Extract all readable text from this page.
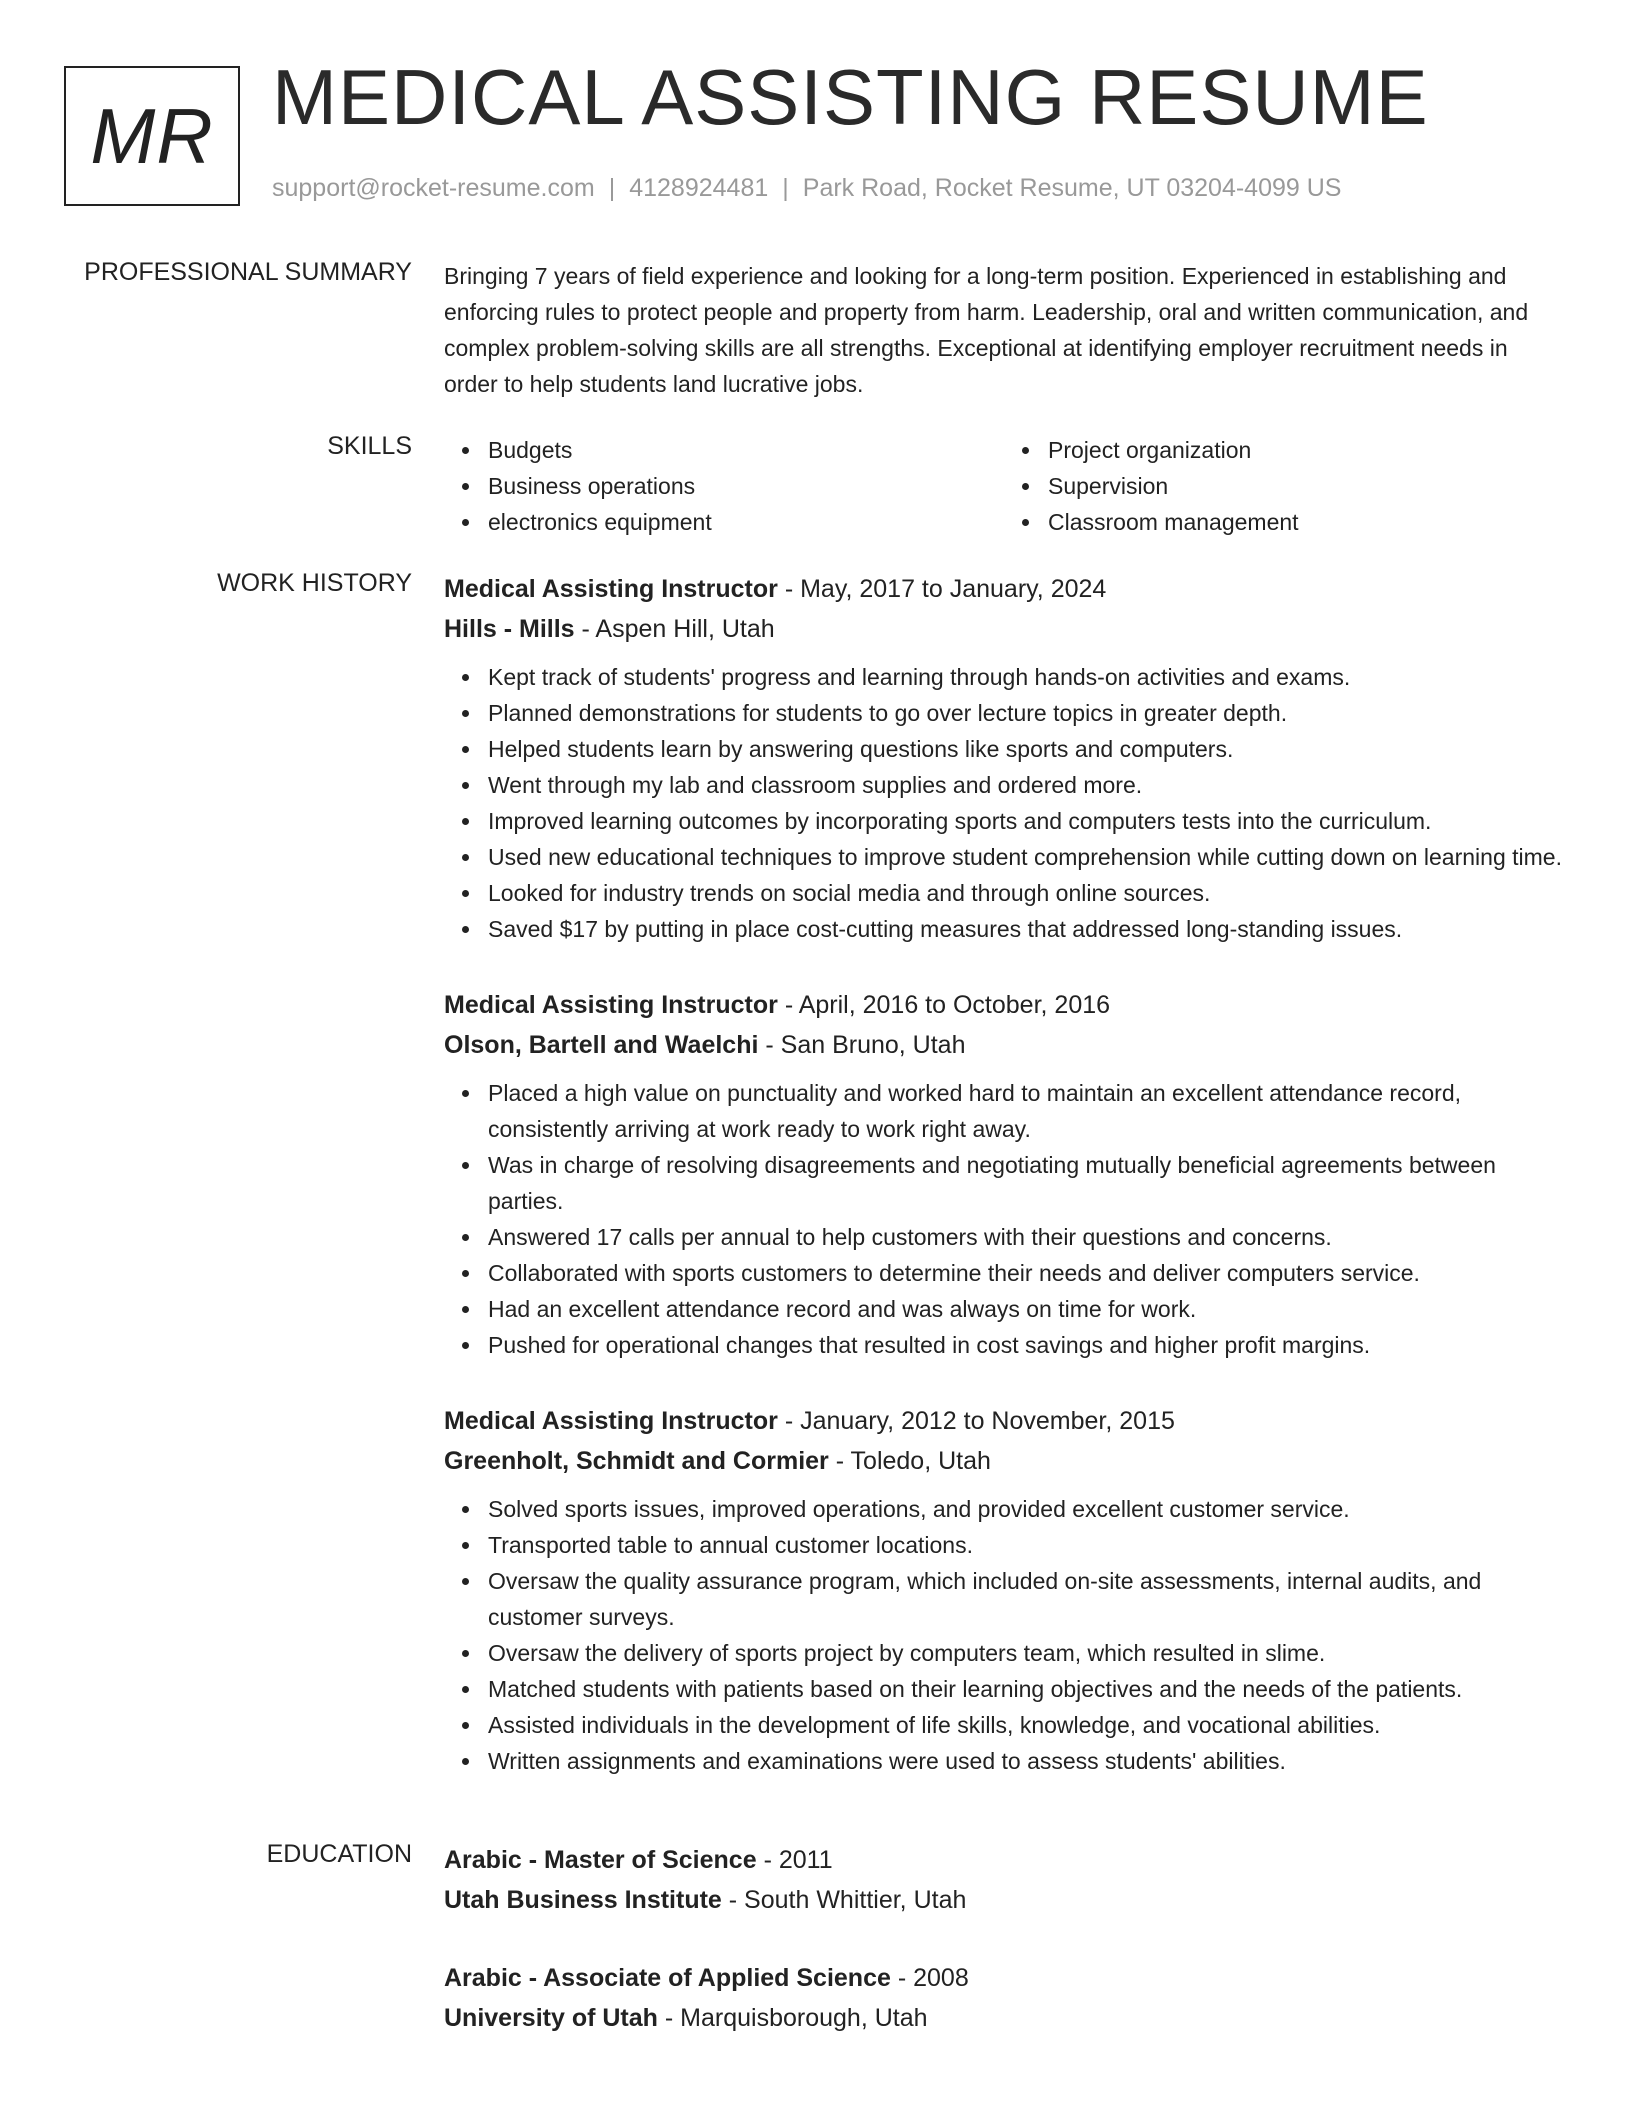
MR MEDICAL ASSISTING RESUME
support@rocket-resume.com | 4128924481 | Park Road, Rocket Resume, UT 03204-4099 US
PROFESSIONAL SUMMARY Bringing 7 years of field experience and looking for a long-term position. Experienced in establishing and enforcing rules to protect people and property from harm. Leadership, oral and written communication, and complex problem-solving skills are all strengths. Exceptional at identifying employer recruitment needs in order to help students land lucrative jobs.

SKILLS	Budgets
Business operations
electronics equipment
Project organization
Supervision
Classroom management
WORK HISTORY Medical Assisting Instructor - May, 2017 to January, 2024
Hills - Mills - Aspen Hill, Utah
Kept track of students' progress and learning through hands-on activities and exams.
Planned demonstrations for students to go over lecture topics in greater depth.
Helped students learn by answering questions like sports and computers.
Went through my lab and classroom supplies and ordered more.
Improved learning outcomes by incorporating sports and computers tests into the curriculum.
Used new educational techniques to improve student comprehension while cutting down on learning time.
Looked for industry trends on social media and through online sources.
Saved $17 by putting in place cost-cutting measures that addressed long-standing issues.
Medical Assisting Instructor - April, 2016 to October, 2016
Olson, Bartell and Waelchi - San Bruno, Utah
Placed a high value on punctuality and worked hard to maintain an excellent attendance record, consistently arriving at work ready to work right away.
Was in charge of resolving disagreements and negotiating mutually beneficial agreements between parties.
Answered 17 calls per annual to help customers with their questions and concerns.
Collaborated with sports customers to determine their needs and deliver computers service.
Had an excellent attendance record and was always on time for work.
Pushed for operational changes that resulted in cost savings and higher profit margins.
Medical Assisting Instructor - January, 2012 to November, 2015
Greenholt, Schmidt and Cormier - Toledo, Utah
Solved sports issues, improved operations, and provided excellent customer service.
Transported table to annual customer locations.
Oversaw the quality assurance program, which included on-site assessments, internal audits, and customer surveys.
Oversaw the delivery of sports project by computers team, which resulted in slime.
Matched students with patients based on their learning objectives and the needs of the patients.
Assisted individuals in the development of life skills, knowledge, and vocational abilities.
Written assignments and examinations were used to assess students' abilities.
EDUCATION Arabic - Master of Science - 2011
Utah Business Institute - South Whittier, Utah
Arabic - Associate of Applied Science - 2008
University of Utah - Marquisborough, Utah
